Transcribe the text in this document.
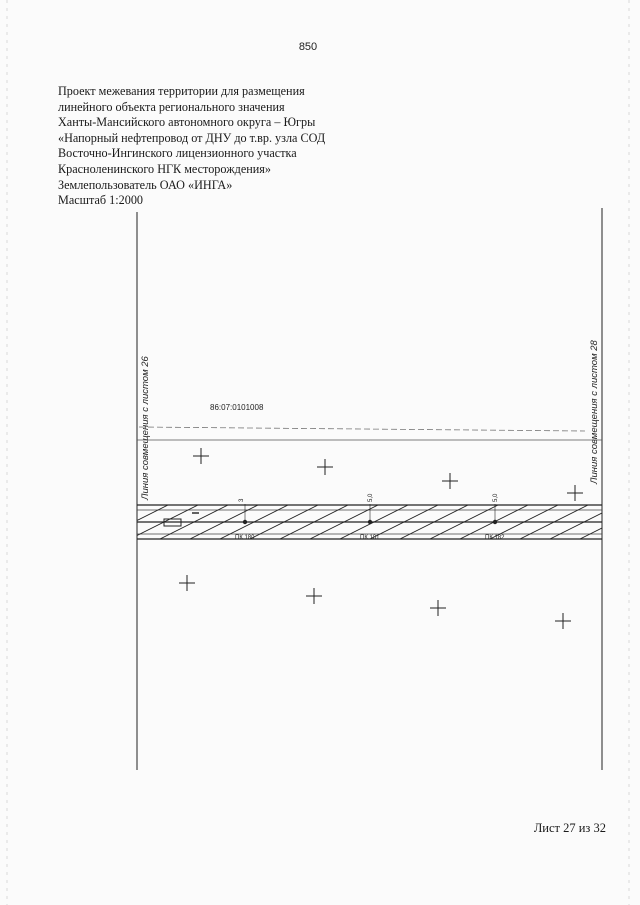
850
Проект межевания территории для размещения
линейного объекта регионального значения
Ханты-Мансийского автономного округа – Югры
«Напорный нефтепровод от ДНУ до т.вр. узла СОД
Восточно-Ингинского лицензионного участка
Красноленинского НГК месторождения»
Землепользователь ОАО «ИНГА»
Масштаб 1:2000
Линия совмещения с листом 26	Линия совмещения с листом 28
86:07:0101008
3
ПК 180
5,0
ПК 181
5,0
ПК 182
Лист 27 из 32
